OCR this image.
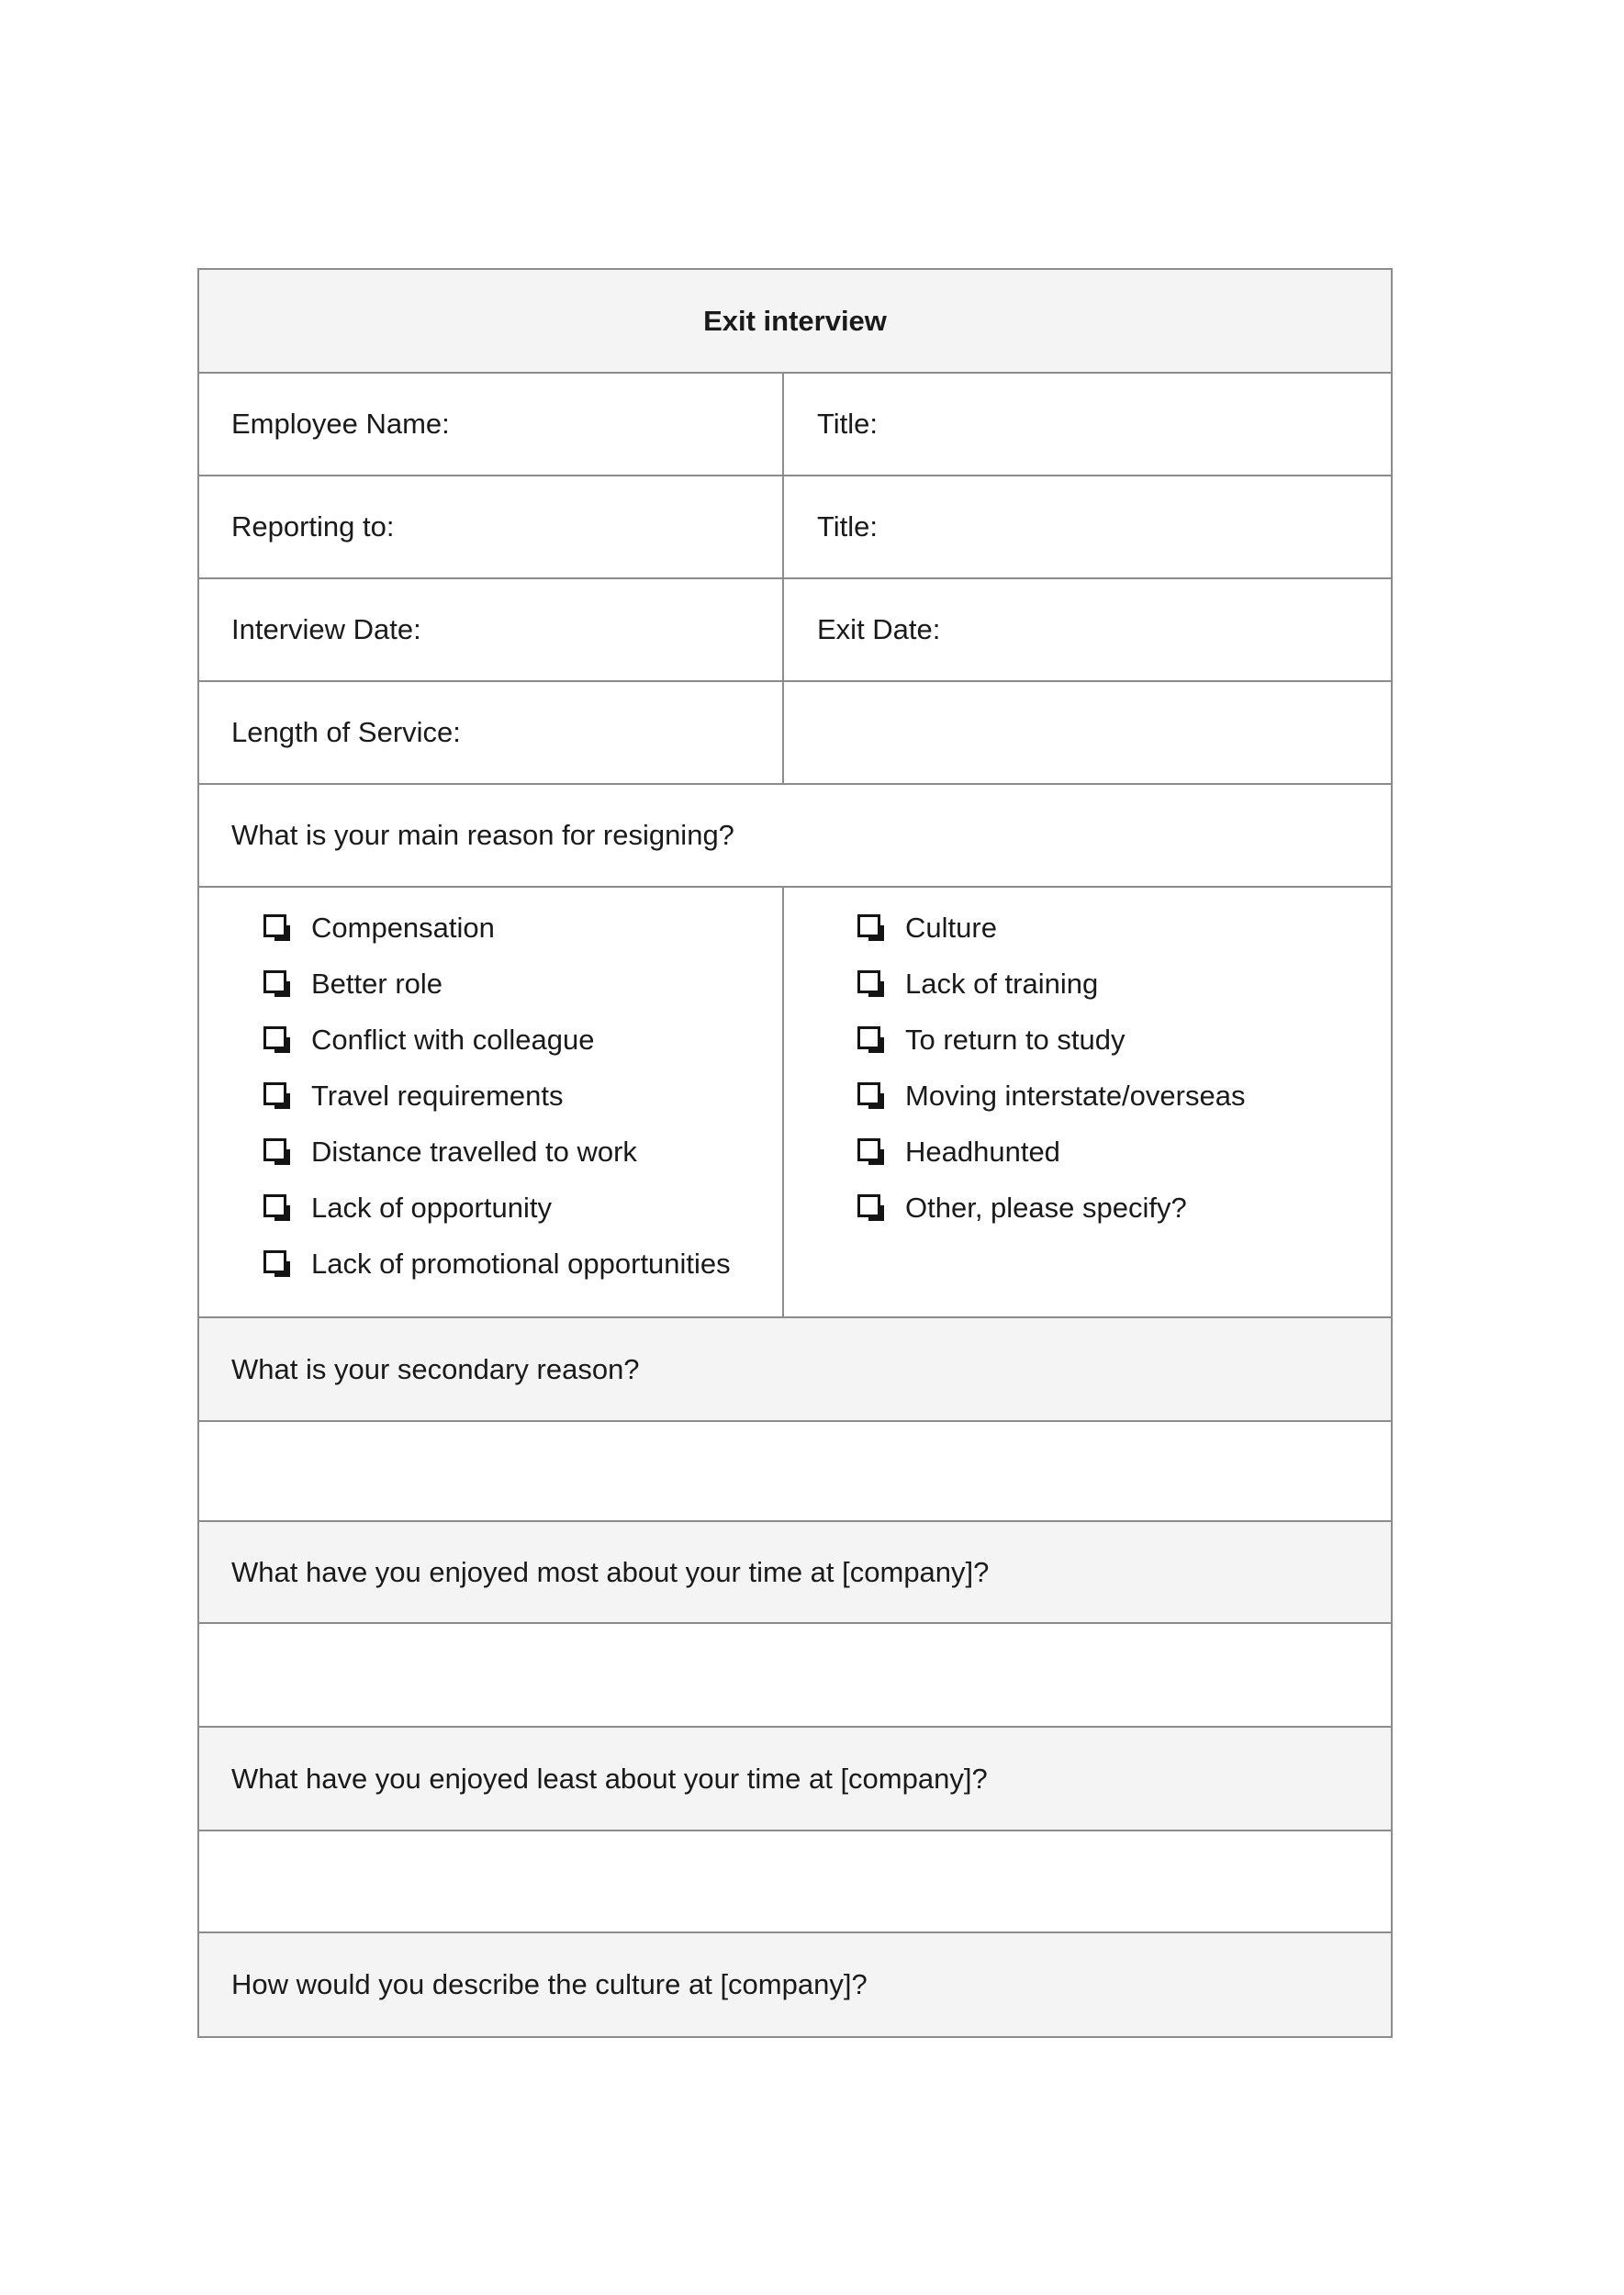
Exit interview
Employee Name:	Title:
Reporting to:	Title:
Interview Date:	Exit Date:
Length of Service:
What is your main reason for resigning?
Compensation
Better role
Conflict with colleague
Travel requirements
Distance travelled to work
Lack of opportunity
Lack of promotional opportunities
Culture
Lack of training
To return to study
Moving interstate/overseas
Headhunted
Other, please specify?
What is your secondary reason?
What have you enjoyed most about your time at [company]?
What have you enjoyed least about your time at [company]?
How would you describe the culture at [company]?
